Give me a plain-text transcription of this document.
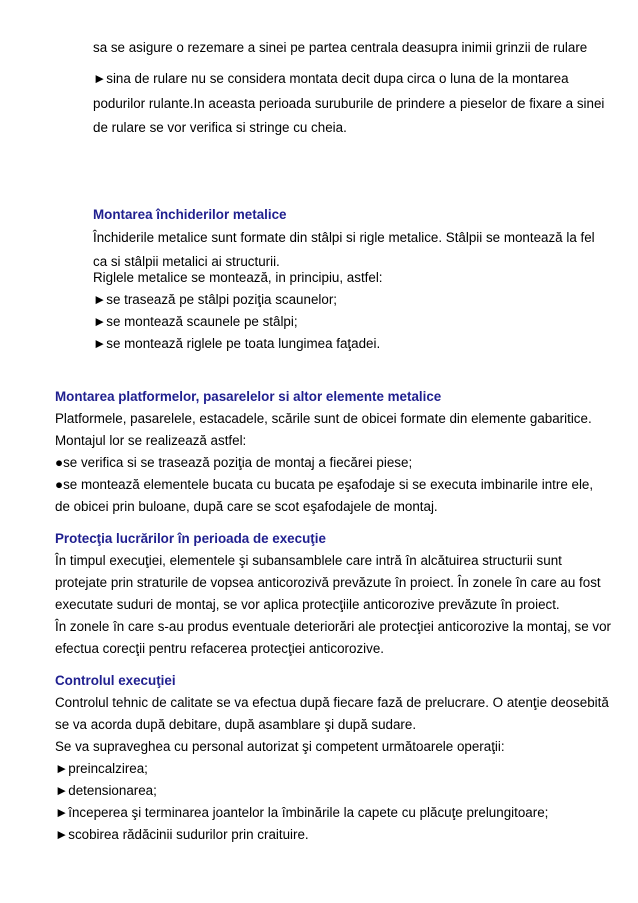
sa se asigure o rezemare a sinei pe partea centrala deasupra inimii grinzii de rulare
►sina de rulare nu se considera montata decit dupa circa o luna de la montarea
podurilor rulante.In aceasta perioada suruburile de prindere a pieselor de fixare a sinei
de rulare se vor verifica si stringe cu cheia.
Montarea închiderilor metalice
Închiderile metalice sunt formate din stâlpi si rigle metalice. Stâlpii se montează la fel
ca si stâlpii metalici ai structurii.
Riglele metalice se montează, in principiu, astfel:
►se trasează pe stâlpi poziţia scaunelor;
►se montează scaunele pe stâlpi;
►se montează riglele pe toata lungimea faţadei.
Montarea platformelor, pasarelelor si altor elemente metalice
Platformele, pasarelele, estacadele, scările sunt de obicei formate din elemente gabaritice.
Montajul lor se realizează astfel:
●se verifica si se trasează poziţia de montaj a fiecărei piese;
●se montează elementele bucata cu bucata pe eşafodaje si se executa imbinarile intre ele,
de obicei prin buloane, după care se scot eşafodajele de montaj.
Protecţia lucrărilor în perioada de execuţie
În timpul execuţiei, elementele şi subansamblele care intră în alcătuirea structurii sunt
protejate prin straturile de vopsea anticorozivă prevăzute în proiect. În zonele în care au fost
executate suduri de montaj, se vor aplica protecţiile anticorozive prevăzute în proiect.
În zonele în care s-au produs eventuale deteriorări ale protecţiei anticorozive la montaj, se vor
efectua corecţii pentru refacerea protecţiei anticorozive.
Controlul execuţiei
Controlul tehnic de calitate se va efectua după fiecare fază de prelucrare. O atenţie deosebită
se va acorda după debitare, după asamblare şi după sudare.
Se va supraveghea cu personal autorizat şi competent următoarele operaţii:
►preincalzirea;
►detensionarea;
►începerea şi terminarea joantelor la îmbinările la capete cu plăcuţe prelungitoare;
►scobirea rădăcinii sudurilor prin craituire.
